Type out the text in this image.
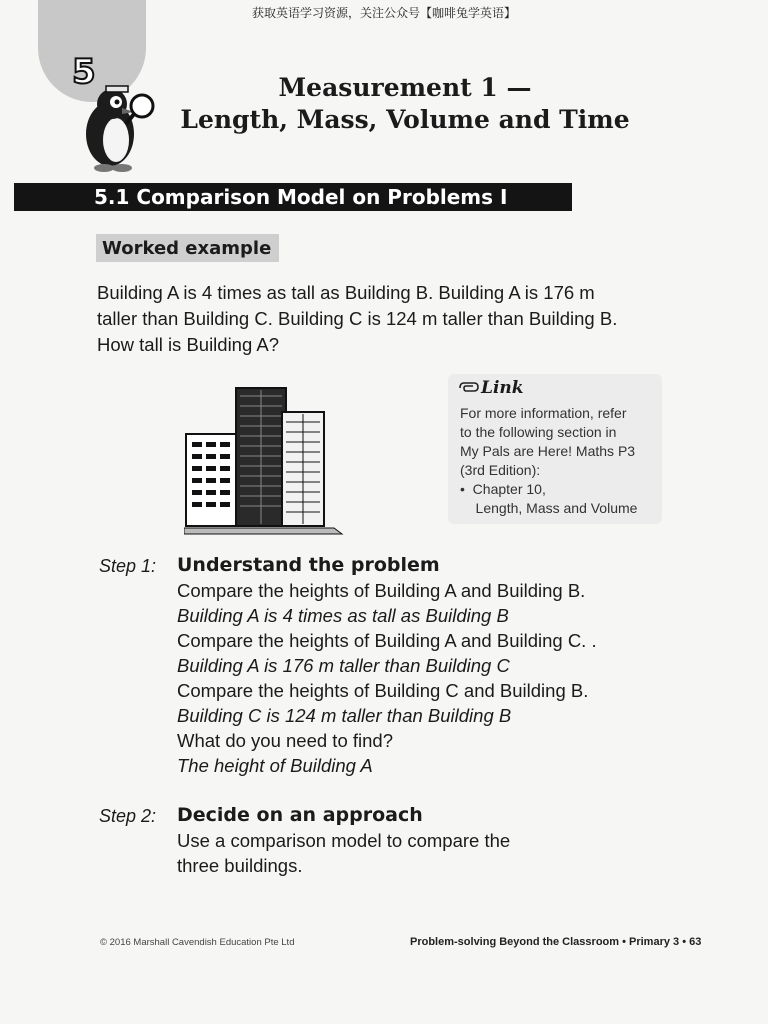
获取英语学习资源，关注公众号【咖啡兔学英语】
5	Measurement 1 —
Length, Mass, Volume and Time
5.1 Comparison Model on Problems I
Worked example
Building A is 4 times as tall as Building B. Building A is 176 m
taller than Building C. Building C is 124 m taller than Building B.
How tall is Building A?
Link
For more information, refer
to the following section in
My Pals are Here! Maths P3
(3rd Edition):
•  Chapter 10,
Length, Mass and Volume
Step 1: Understand the problem
Compare the heights of Building A and Building B.
Building A is 4 times as tall as Building B
Compare the heights of Building A and Building C. .
Building A is 176 m taller than Building C
Compare the heights of Building C and Building B.
Building C is 124 m taller than Building B
What do you need to find?
The height of Building A
Step 2: Decide on an approach
Use a comparison model to compare the
three buildings.
© 2016 Marshall Cavendish Education Pte Ltd	Problem-solving Beyond the Classroom • Primary 3 • 63
